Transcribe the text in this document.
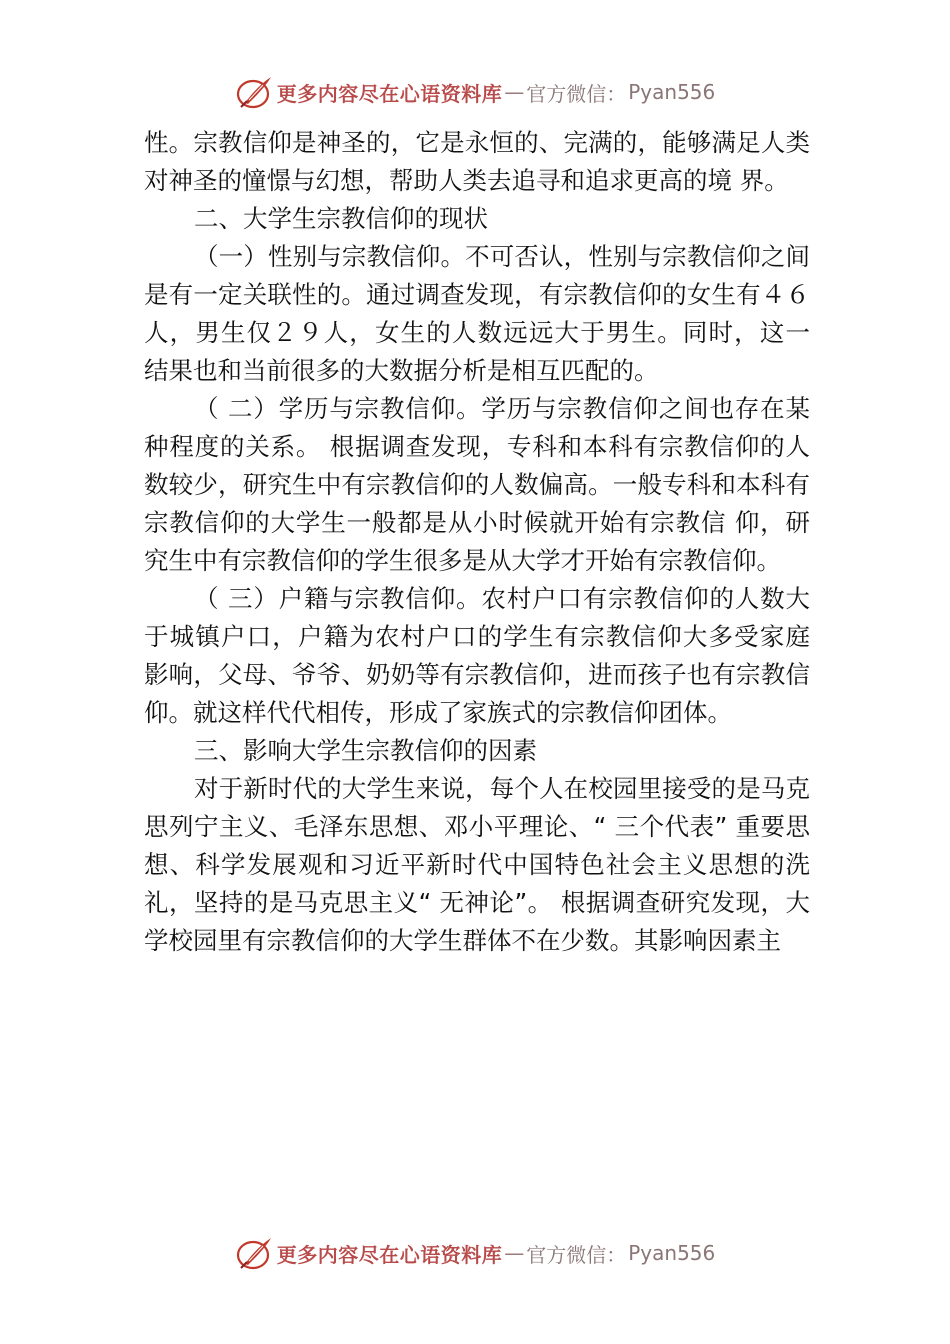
更多内容尽在心语资料库 — 官方微信： Pyan556

性。宗教信仰是神圣的，它是永恒的、完满的，能够满足人类对神圣的憧憬与幻想，帮助人类去追寻和追求更高的境 界。

二、大学生宗教信仰的现状

（一）性别与宗教信仰。不可否认，性别与宗教信仰之间是有一定关联性的。通过调查发现，有宗教信仰的女生有４６人，男生仅２９人，女生的人数远远大于男生。同时，这一 结果也和当前很多的大数据分析是相互匹配的。

（ 二）学历与宗教信仰。学历与宗教信仰之间也存在某种程度的关系。 根据调查发现，专科和本科有宗教信仰的人数较少，研究生中有宗教信仰的人数偏高。一般专科和本科有宗教信仰的大学生一般都是从小时候就开始有宗教信 仰，研究生中有宗教信仰的学生很多是从大学才开始有宗教信仰。

（ 三）户籍与宗教信仰。农村户口有宗教信仰的人数大于城镇户口，户籍为农村户口的学生有宗教信仰大多受家庭 影响，父母、爷爷、奶奶等有宗教信仰，进而孩子也有宗教信仰。就这样代代相传，形成了家族式的宗教信仰团体。

三、影响大学生宗教信仰的因素

对于新时代的大学生来说，每个人在校园里接受的是马克思列宁主义、毛泽东思想、邓小平理论、“ 三个代表” 重要思想、科学发展观和习近平新时代中国特色社会主义思想的洗礼，坚持的是马克思主义“ 无神论”。 根据调查研究发现，大学校园里有宗教信仰的大学生群体不在少数。其影响因素主

更多内容尽在心语资料库 — 官方微信： Pyan556
